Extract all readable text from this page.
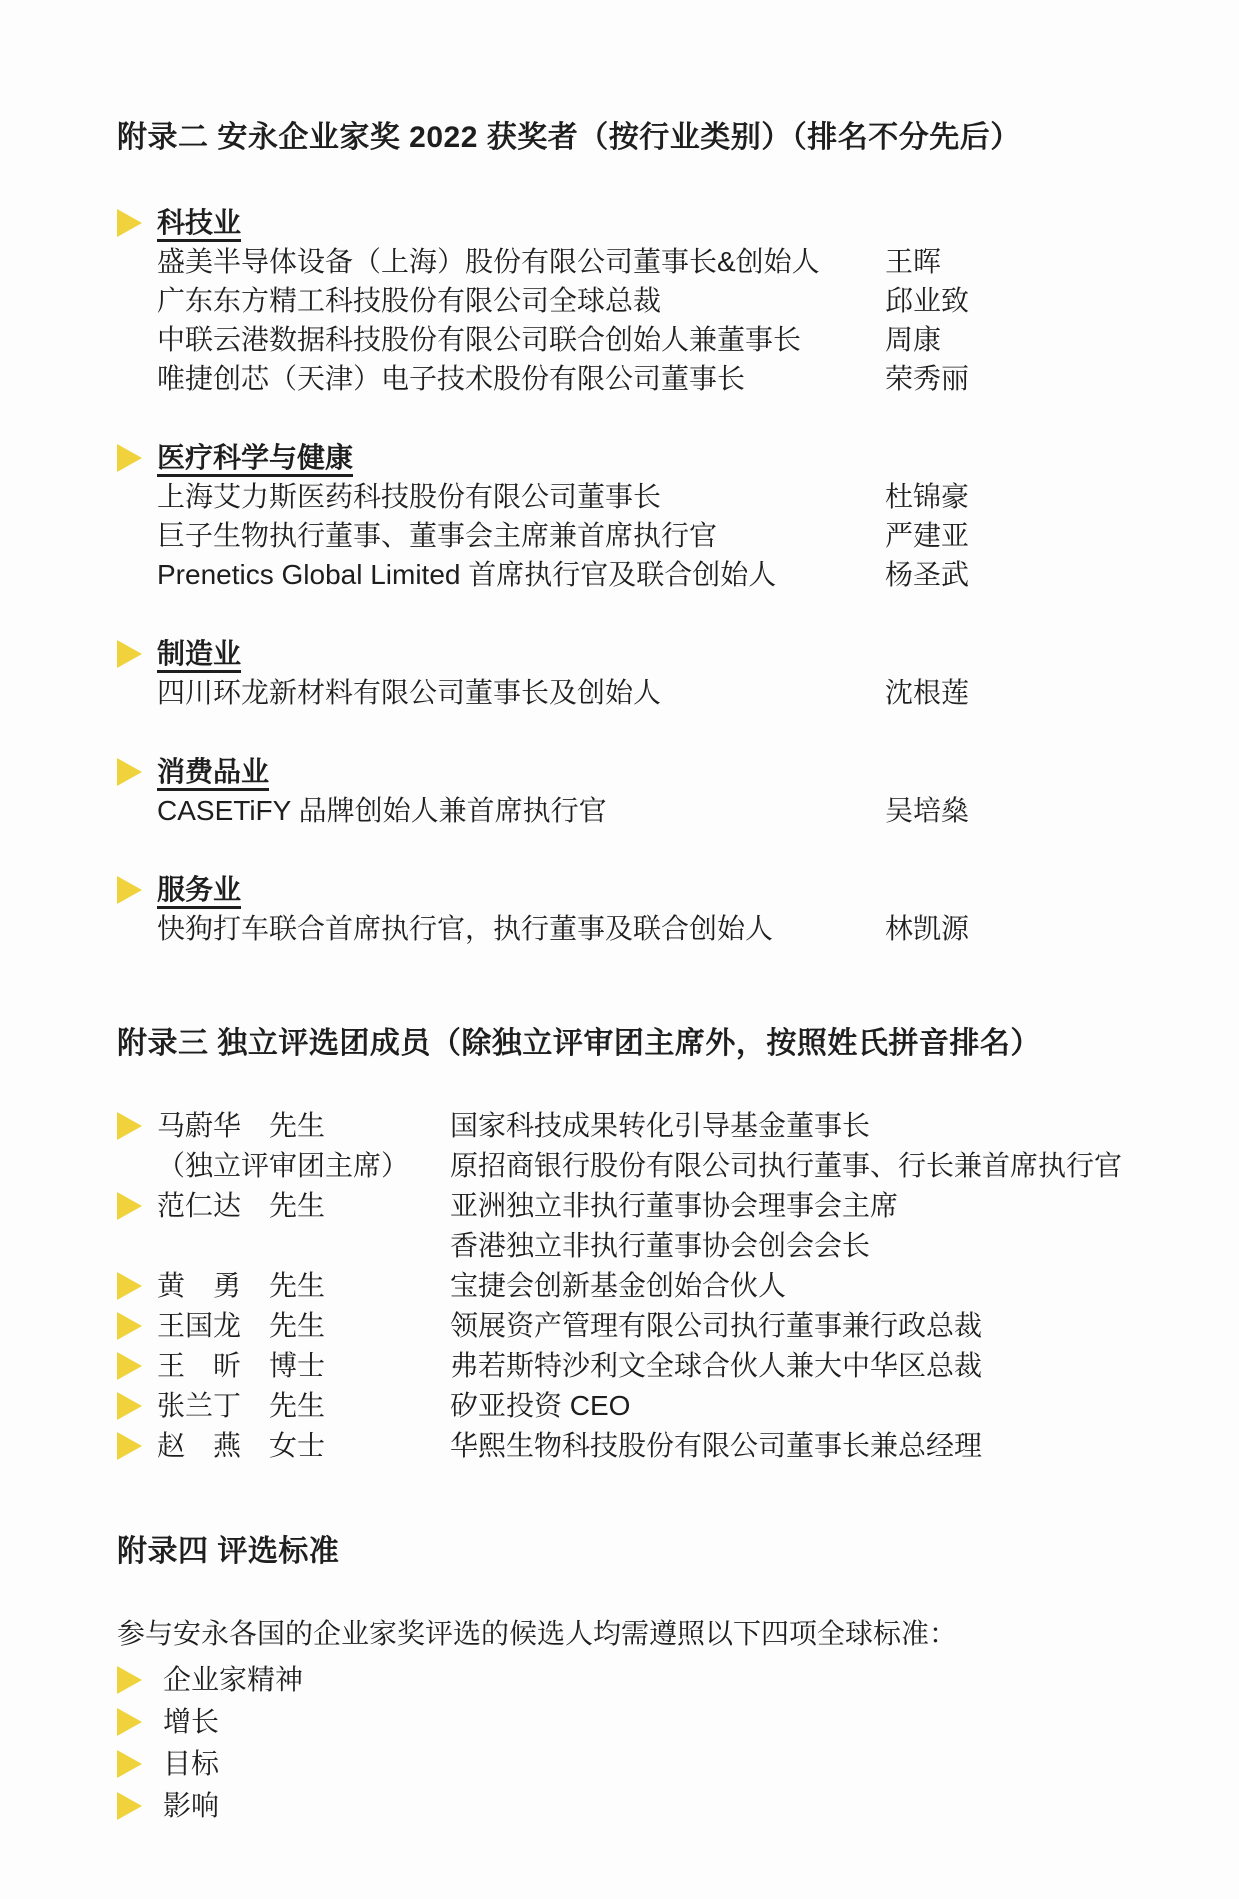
附录二 安永企业家奖 2022 获奖者（按行业类别）（排名不分先后）
科技业
盛美半导体设备（上海）股份有限公司董事长&创始人	王晖
广东东方精工科技股份有限公司全球总裁	邱业致
中联云港数据科技股份有限公司联合创始人兼董事长	周康
唯捷创芯（天津）电子技术股份有限公司董事长	荣秀丽
医疗科学与健康
上海艾力斯医药科技股份有限公司董事长	杜锦豪
巨子生物执行董事、董事会主席兼首席执行官	严建亚
Prenetics Global Limited 首席执行官及联合创始人	杨圣武
制造业
四川环龙新材料有限公司董事长及创始人	沈根莲
消费品业
CASETiFY 品牌创始人兼首席执行官	吴培燊
服务业
快狗打车联合首席执行官，执行董事及联合创始人	林凯源
附录三 独立评选团成员（除独立评审团主席外，按照姓氏拼音排名）
马蔚华　先生	国家科技成果转化引导基金董事长
（独立评审团主席）	原招商银行股份有限公司执行董事、行长兼首席执行官
范仁达　先生	亚洲独立非执行董事协会理事会主席
香港独立非执行董事协会创会会长
黄　勇　先生	宝捷会创新基金创始合伙人
王国龙　先生	领展资产管理有限公司执行董事兼行政总裁
王　昕　博士	弗若斯特沙利文全球合伙人兼大中华区总裁
张兰丁　先生	矽亚投资 CEO
赵　燕　女士	华熙生物科技股份有限公司董事长兼总经理
附录四 评选标准

参与安永各国的企业家奖评选的候选人均需遵照以下四项全球标准：

企业家精神
增长
目标
影响
